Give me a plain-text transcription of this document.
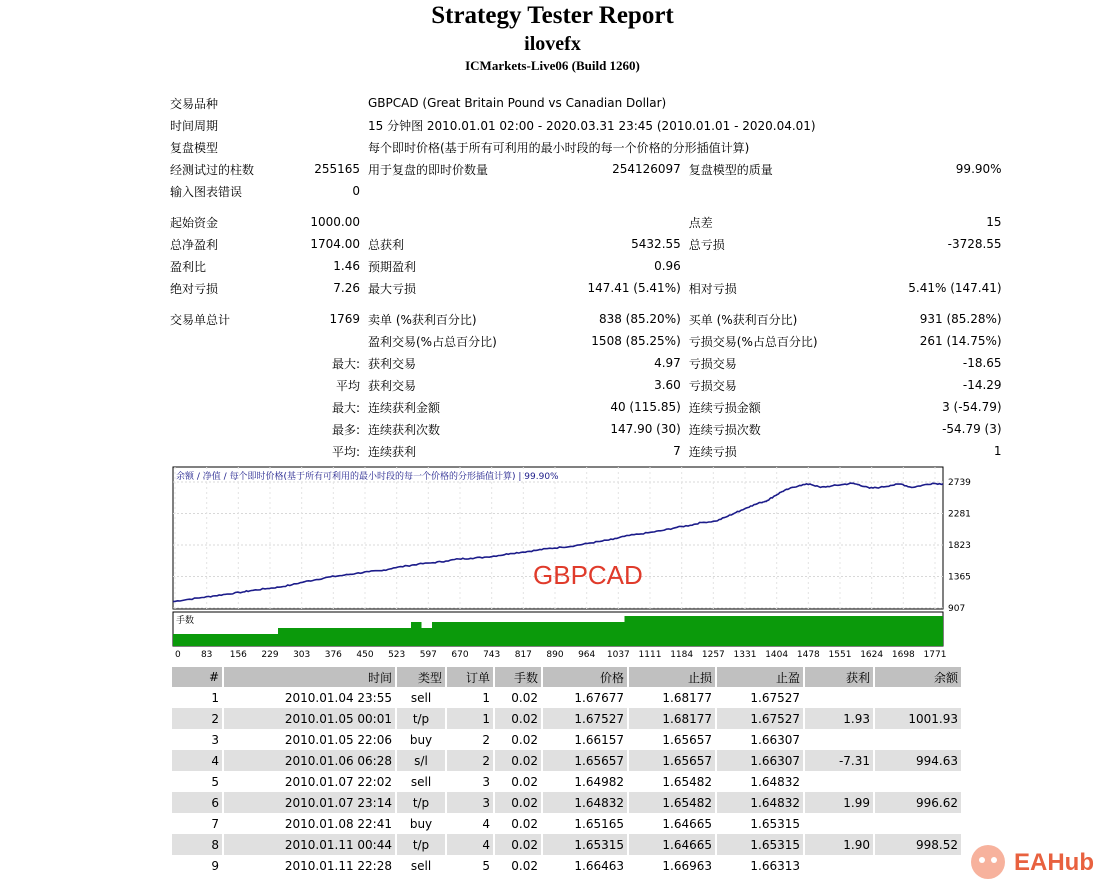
Strategy Tester Report
ilovefx
ICMarkets-Live06 (Build 1260)
交易品种		GBPCAD (Great Britain Pound vs Canadian Dollar)			
时间周期		15 分钟图 2010.01.01 02:00 - 2020.03.31 23:45 (2010.01.01 - 2020.04.01)			
复盘模型		每个即时价格(基于所有可利用的最小时段的每一个价格的分形插值计算)			
经测试过的柱数	255165	用于复盘的即时价数量	254126097	复盘模型的质量	99.90%
输入图表错误	0				

起始资金	1000.00			点差	15
总净盈利	1704.00	总获利	5432.55	总亏损	-3728.55
盈利比	1.46	预期盈利	0.96		
绝对亏损	7.26	最大亏损	147.41 (5.41%)	相对亏损	5.41% (147.41)

交易单总计	1769	卖单 (%获利百分比)	838 (85.20%)	买单 (%获利百分比)	931 (85.28%)
		盈利交易(%占总百分比)	1508 (85.25%)	亏损交易(%占总百分比)	261 (14.75%)
	最大:	获利交易	4.97	亏损交易	-18.65
	平均	获利交易	3.60	亏损交易	-14.29
	最大:	连续获利金额	40 (115.85)	连续亏损金额	3 (-54.79)
	最多:	连续获利次数	147.90 (30)	连续亏损次数	-54.79 (3)
	平均:	连续获利	7	连续亏损	1
余额 / 净值 / 每个即时价格(基于所有可利用的最小时段的每一个价格的分形插值计算) | 99.90%
GBPCAD
2739
2281
1823
1365
907
手数
0 83 156 229 303 376 450 523 597 670 743 817 890 964 1037 1111 1184 1257 1331 1404 1478 1551 1624 1698 1771
EAHub
#	时间	类型	订单	手数	价格	止损	止盈	获利	余额
1	2010.01.04 23:55	sell	1	0.02	1.67677	1.68177	1.67527		
2	2010.01.05 00:01	t/p	1	0.02	1.67527	1.68177	1.67527	1.93	1001.93
3	2010.01.05 22:06	buy	2	0.02	1.66157	1.65657	1.66307		
4	2010.01.06 06:28	s/l	2	0.02	1.65657	1.65657	1.66307	-7.31	994.63
5	2010.01.07 22:02	sell	3	0.02	1.64982	1.65482	1.64832		
6	2010.01.07 23:14	t/p	3	0.02	1.64832	1.65482	1.64832	1.99	996.62
7	2010.01.08 22:41	buy	4	0.02	1.65165	1.64665	1.65315		
8	2010.01.11 00:44	t/p	4	0.02	1.65315	1.64665	1.65315	1.90	998.52
9	2010.01.11 22:28	sell	5	0.02	1.66463	1.66963	1.66313		
